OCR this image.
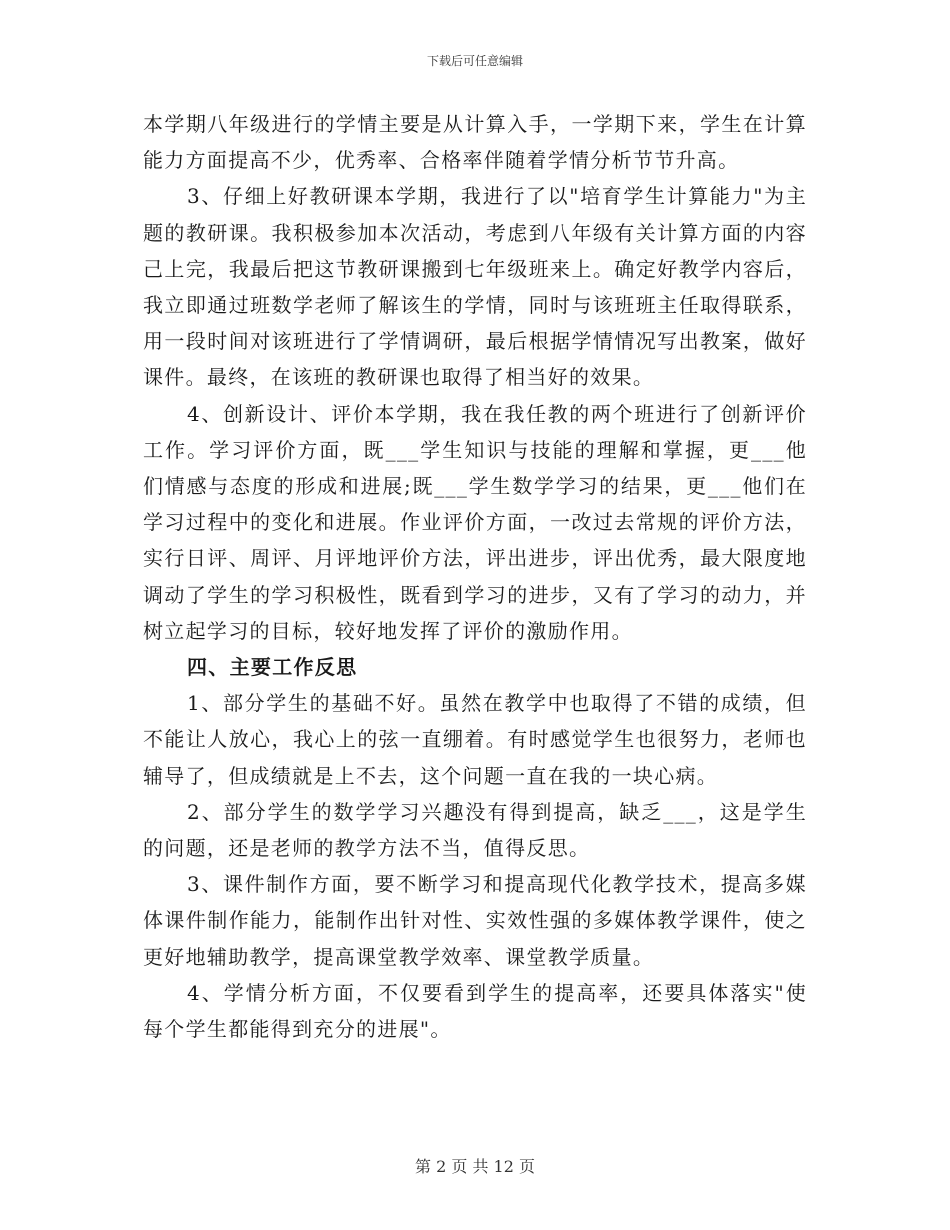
下载后可任意编辑

本学期八年级进行的学情主要是从计算入手，一学期下来，学生在计算能力方面提高不少，优秀率、合格率伴随着学情分析节节升高。

3、仔细上好教研课本学期，我进行了以"培育学生计算能力"为主题的教研课。我积极参加本次活动，考虑到八年级有关计算方面的内容己上完，我最后把这节教研课搬到七年级班来上。确定好教学内容后，我立即通过班数学老师了解该生的学情，同时与该班班主任取得联系，用一段时间对该班进行了学情调研，最后根据学情情况写出教案，做好课件。最终，在该班的教研课也取得了相当好的效果。

4、创新设计、评价本学期，我在我任教的两个班进行了创新评价工作。学习评价方面，既___学生知识与技能的理解和掌握，更___他们情感与态度的形成和进展;既___学生数学学习的结果，更___他们在学习过程中的变化和进展。作业评价方面，一改过去常规的评价方法，实行日评、周评、月评地评价方法，评出进步，评出优秀，最大限度地调动了学生的学习积极性，既看到学习的进步，又有了学习的动力，并树立起学习的目标，较好地发挥了评价的激励作用。

四、主要工作反思

1、部分学生的基础不好。虽然在教学中也取得了不错的成绩，但不能让人放心，我心上的弦一直绷着。有时感觉学生也很努力，老师也辅导了，但成绩就是上不去，这个问题一直在我的一块心病。

2、部分学生的数学学习兴趣没有得到提高，缺乏___，这是学生的问题，还是老师的教学方法不当，值得反思。

3、课件制作方面，要不断学习和提高现代化教学技术，提高多媒体课件制作能力，能制作出针对性、实效性强的多媒体教学课件，使之更好地辅助教学，提高课堂教学效率、课堂教学质量。

4、学情分析方面，不仅要看到学生的提高率，还要具体落实"使每个学生都能得到充分的进展"。

第 2 页 共 12 页
